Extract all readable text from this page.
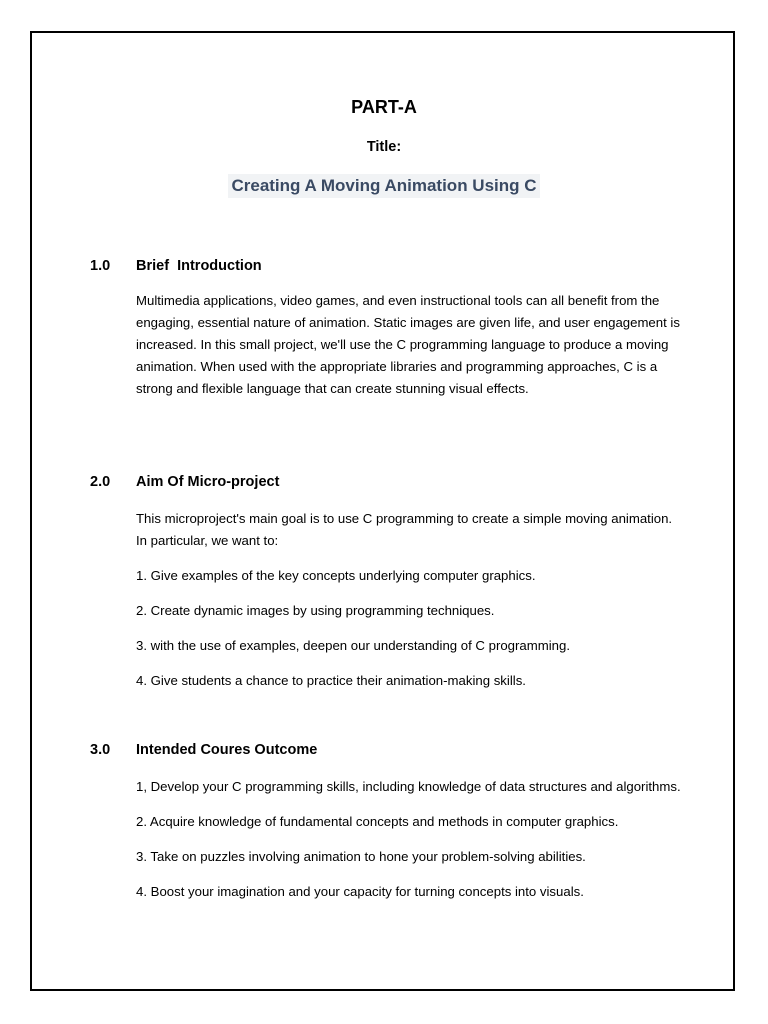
PART-A
Title:
Creating A Moving Animation Using C
1.0 Brief  Introduction

Multimedia applications, video games, and even instructional tools can all benefit from the engaging, essential nature of animation. Static images are given life, and user engagement is increased. In this small project, we'll use the C programming language to produce a moving animation. When used with the appropriate libraries and programming approaches, C is a strong and flexible language that can create stunning visual effects.

2.0 Aim Of Micro-project

This microproject's main goal is to use C programming to create a simple moving animation. In particular, we want to:

1. Give examples of the key concepts underlying computer graphics.

2. Create dynamic images by using programming techniques.

3. with the use of examples, deepen our understanding of C programming.

4. Give students a chance to practice their animation-making skills.

3.0 Intended Coures Outcome

1, Develop your C programming skills, including knowledge of data structures and algorithms.

2. Acquire knowledge of fundamental concepts and methods in computer graphics.

3. Take on puzzles involving animation to hone your problem-solving abilities.

4. Boost your imagination and your capacity for turning concepts into visuals.
